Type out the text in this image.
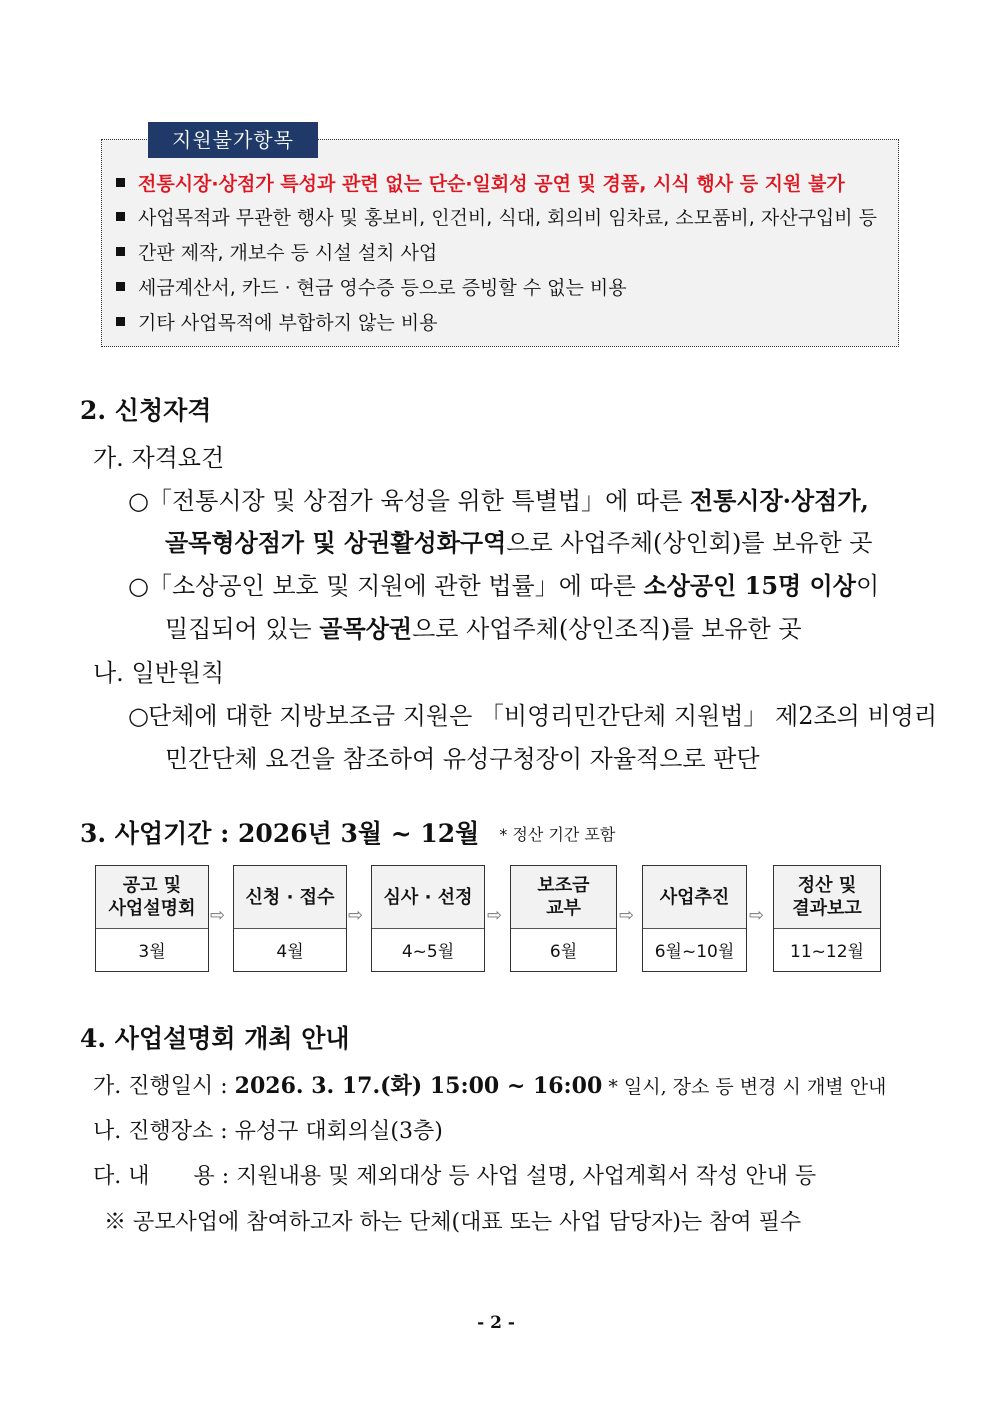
지원불가항목
전통시장·상점가 특성과 관련 없는 단순·일회성 공연 및 경품, 시식 행사 등 지원 불가
사업목적과 무관한 행사 및 홍보비, 인건비, 식대, 회의비 임차료, 소모품비, 자산구입비 등
간판 제작, 개보수 등 시설 설치 사업
세금계산서, 카드 · 현금 영수증 등으로 증빙할 수 없는 비용
기타 사업목적에 부합하지 않는 비용
2. 신청자격
가. 자격요건
○「전통시장 및 상점가 육성을 위한 특별법」에 따른 전통시장·상점가,
골목형상점가 및 상권활성화구역으로 사업주체(상인회)를 보유한 곳
○「소상공인 보호 및 지원에 관한 법률」에 따른 소상공인 15명 이상이
밀집되어 있는 골목상권으로 사업주체(상인조직)를 보유한 곳
나. 일반원칙
○단체에 대한 지방보조금 지원은 「비영리민간단체 지원법」 제2조의 비영리
민간단체 요건을 참조하여 유성구청장이 자율적으로 판단
3. 사업기간 : 2026년 3월 ~ 12월 * 정산 기간 포함
공고 및
사업설명회
3월
⇨
신청 · 접수
4월
⇨
심사 · 선정
4~5월
⇨
보조금
교부
6월
⇨
사업추진
6월~10월
⇨
정산 및
결과보고
11~12월
4. 사업설명회 개최 안내
가. 진행일시 : 2026. 3. 17.(화) 15:00 ~ 16:00 * 일시, 장소 등 변경 시 개별 안내
나. 진행장소 : 유성구 대회의실(3층)
다. 내　　용 : 지원내용 및 제외대상 등 사업 설명, 사업계획서 작성 안내 등
※ 공모사업에 참여하고자 하는 단체(대표 또는 사업 담당자)는 참여 필수
- 2 -
